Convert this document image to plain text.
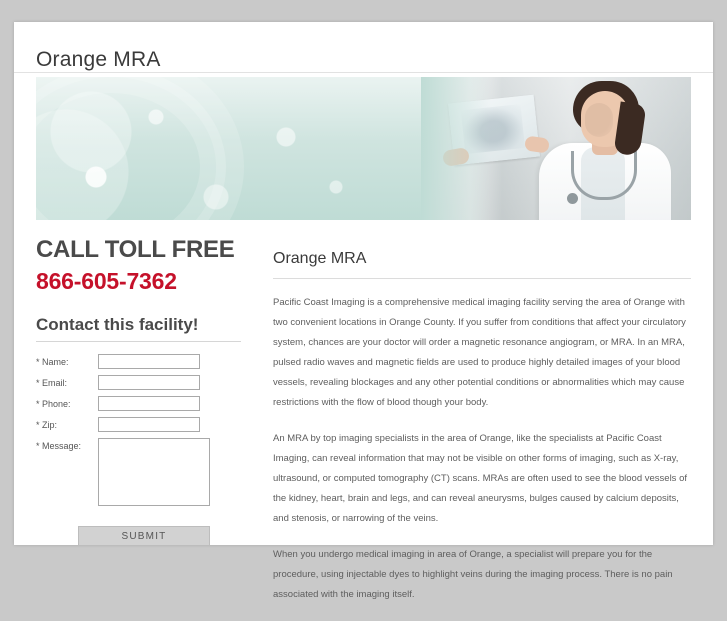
Orange MRA
CALL TOLL FREE
866-605-7362
Contact this facility!
* Name:
* Email:
* Phone:
* Zip:
* Message:
SUBMIT
Orange MRA

Pacific Coast Imaging is a comprehensive medical imaging facility serving the area of Orange with two convenient locations in Orange County. If you suffer from conditions that affect your circulatory system, chances are your doctor will order a magnetic resonance angiogram, or MRA. In an MRA, pulsed radio waves and magnetic fields are used to produce highly detailed images of your blood vessels, revealing blockages and any other potential conditions or abnormalities which may cause restrictions with the flow of blood though your body.

An MRA by top imaging specialists in the area of Orange, like the specialists at Pacific Coast Imaging, can reveal information that may not be visible on other forms of imaging, such as X-ray, ultrasound, or computed tomography (CT) scans. MRAs are often used to see the blood vessels of the kidney, heart, brain and legs, and can reveal aneurysms, bulges caused by calcium deposits, and stenosis, or narrowing of the veins.

When you undergo medical imaging in area of Orange, a specialist will prepare you for the procedure, using injectable dyes to highlight veins during the imaging process. There is no pain associated with the imaging itself.
